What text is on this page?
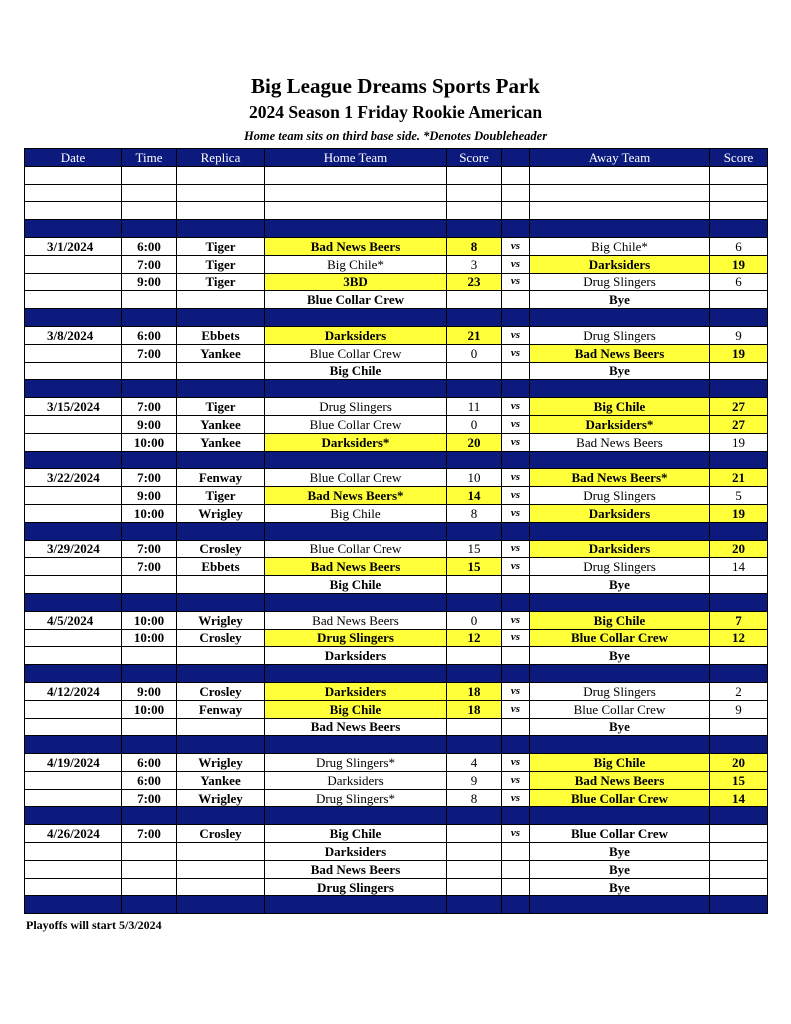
Big League Dreams Sports Park
2024 Season 1 Friday Rookie American
Home team sits on third base side. *Denotes Doubleheader
Date	Time	Replica	Home Team	Score		Away Team	Score

3/1/2024	6:00	Tiger	Bad News Beers	8	vs	Big Chile*	6
	7:00	Tiger	Big Chile*	3	vs	Darksiders	19
	9:00	Tiger	3BD	23	vs	Drug Slingers	6
			Blue Collar Crew			Bye	

3/8/2024	6:00	Ebbets	Darksiders	21	vs	Drug Slingers	9
	7:00	Yankee	Blue Collar Crew	0	vs	Bad News Beers	19
			Big Chile			Bye	

3/15/2024	7:00	Tiger	Drug Slingers	11	vs	Big Chile	27
	9:00	Yankee	Blue Collar Crew	0	vs	Darksiders*	27
	10:00	Yankee	Darksiders*	20	vs	Bad News Beers	19

3/22/2024	7:00	Fenway	Blue Collar Crew	10	vs	Bad News Beers*	21
	9:00	Tiger	Bad News Beers*	14	vs	Drug Slingers	5
	10:00	Wrigley	Big Chile	8	vs	Darksiders	19

3/29/2024	7:00	Crosley	Blue Collar Crew	15	vs	Darksiders	20
	7:00	Ebbets	Bad News Beers	15	vs	Drug Slingers	14
			Big Chile			Bye	

4/5/2024	10:00	Wrigley	Bad News Beers	0	vs	Big Chile	7
	10:00	Crosley	Drug Slingers	12	vs	Blue Collar Crew	12
			Darksiders			Bye	

4/12/2024	9:00	Crosley	Darksiders	18	vs	Drug Slingers	2
	10:00	Fenway	Big Chile	18	vs	Blue Collar Crew	9
			Bad News Beers			Bye	

4/19/2024	6:00	Wrigley	Drug Slingers*	4	vs	Big Chile	20
	6:00	Yankee	Darksiders	9	vs	Bad News Beers	15
	7:00	Wrigley	Drug Slingers*	8	vs	Blue Collar Crew	14

4/26/2024	7:00	Crosley	Big Chile		vs	Blue Collar Crew	
			Darksiders			Bye	
			Bad News Beers			Bye	
			Drug Slingers			Bye	

Playoffs will start 5/3/2024
